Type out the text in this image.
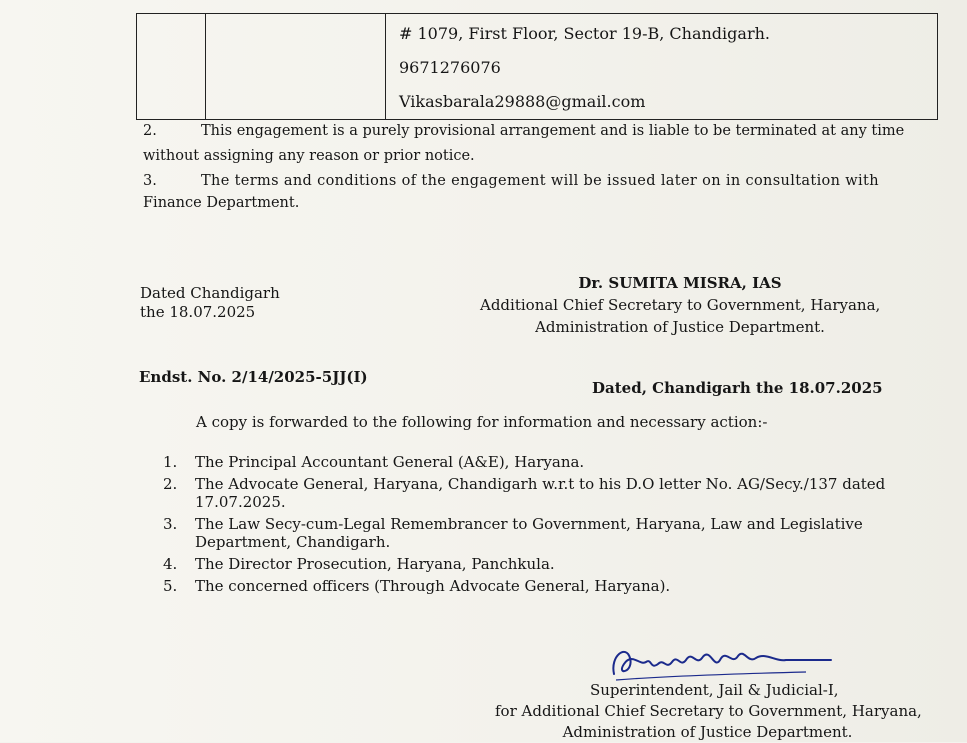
# 1079, First Floor, Sector 19-B, Chandigarh.
9671276076
Vikasbarala29888@gmail.com
2.	This engagement is a purely provisional arrangement and is liable to be terminated at any time
without assigning any reason or prior notice.
3.	The terms and conditions of the engagement will be issued later on in consultation with
Finance Department.
Dated Chandigarh
the 18.07.2025
Dr. SUMITA MISRA, IAS
Additional Chief Secretary to Government, Haryana,
Administration of Justice Department.
Endst. No. 2/14/2025-5JJ(I)
Dated, Chandigarh the 18.07.2025
A copy is forwarded to the following for information and necessary action:-
1. The Principal Accountant General (A&E), Haryana.
2. The Advocate General, Haryana, Chandigarh w.r.t to his D.O letter No. AG/Secy./137 dated 17.07.2025.
3. The Law Secy-cum-Legal Remembrancer to Government, Haryana, Law and Legislative Department, Chandigarh.
4. The Director Prosecution, Haryana, Panchkula.
5. The concerned officers (Through Advocate General, Haryana).
Superintendent, Jail & Judicial-I,
for Additional Chief Secretary to Government, Haryana,
Administration of Justice Department.
